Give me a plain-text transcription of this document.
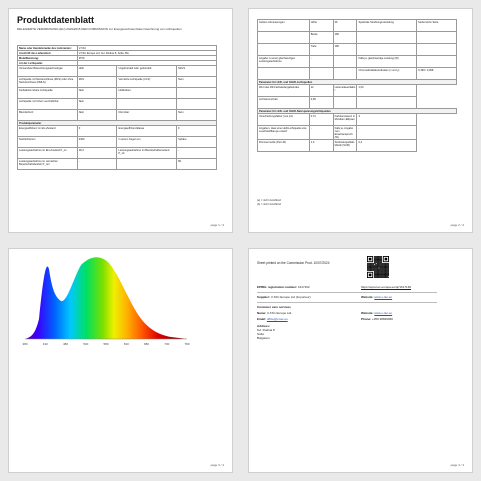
Produktdatenblatt
DELEGIERTE VERORDNUNG (EU) 2019/2015 DER KOMMISSION zur Energieverbrauchskennzeichnung von Lichtquellen
Name oder Handelsmarke des Lieferanten:	V-TAC		
Anschrift des Lieferanten:	V-TAC Europe Ltd, bul. Rodina 8, Sofia, BG		
Modellkennung:	2579		
Art der Lichtquelle:			
Verwendete Beleuchtungstechnologie:	LED	Ungebündelt oder gebündelt:	NDLS
Lichtquelle mit Netzanschluss (MLS) oder ohne Netzanschluss (NMLS):	MLS	Vernetzte Lichtquelle (CLS):	Nein
Farbabstimmbare Lichtquelle:	Nein	Hüllkolben:	
Lichtquelle mit hoher Leuchtdichte:	Nein		
Blendschutz:	Nein	Dimmbar:	Nein
Produktparameter			
Energieeffizienz im Ein-Zustand	F	Energieeffizienzklasse	F
Nutzlichtstrom	2400	in einem Kegel von	Sphäre
Leistungsaufnahme im Ein-Zustand P_on	18,3	Leistungsaufnahme im Bereitschaftszustand P_sb	-
Leistungsaufnahme im vernetzten Bereitschaftsbetrieb P_net	-		80
page 1 / 4
Äußere Abmessungen	Höhe	26	Spektrale Strahlungsverteilung	Siehe letzte Seite
	Breite	180		
	Tiefe	180		
Angabe zu einer gleichwertigen Leistungsaufnahme	-		Falls ja, gleichwertige Leistung (W)	
			Chromatizitätskoordinaten (x und y)	0,399 / 0,398
Parameter für LED- und OLED-Lichtquellen				
Wert des R9-Farbwiedergabeindex	12	Lebensdauerfaktor	1,00	
Lichtstromerhalt	0,96			
Parameter für LED- und OLED-Netzspannungslichtquellen				
Verschiebungsfaktor (cos φ1)	0,72	Farbkonsistenz in McAdam-Ellipsen	3	
Angaben, dass eine LED-Lichtquelle eine Leuchtstofflampe ersetzt	-	Falls ja, Angabe zum Ersatzanspruch (W)	-	
Flimmermetrik (Pst LM)	1,0	Stroboskopeffekt-Metrik (SVM)	0,4	
(a) = nicht zutreffend
(b) = nicht zutreffend
page 2 / 4
380	430	480	530	580	630	680	730	780
page 3 / 4
Sheet printed on the Commission Prod. 10/07/2024
EPREL registration number: 1617162	https://eprel.ec.europa.eu/qr/1617162
Supplier: V-TAC Europe Ltd (Importeur)	Website: www.v-tac.eu
Customer care services
Name: V-TAC Europe Ltd.	Website: www.v-tac.eu
Email: office@v-tac.eu	Phone: +359 28829966
Address:
bul. Rodina 8
Sofia
Bulgarien
page 4 / 4
